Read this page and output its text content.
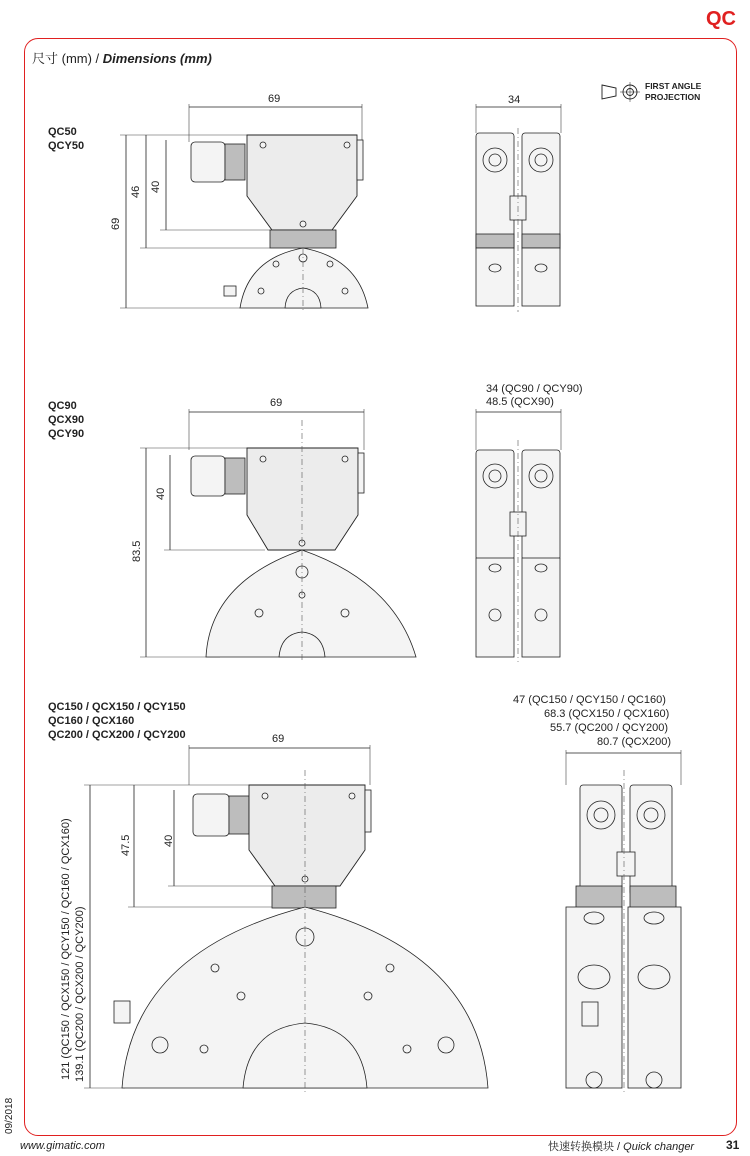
QC
尺寸 (mm) / Dimensions (mm)
FIRST ANGLE
PROJECTION
QC50
QCY50
69	34
46 40
69
QC90
QCX90
QCY90
69
34 (QC90 / QCY90)
48.5 (QCX90)
40
83.5
QC150 / QCX150 / QCY150
QC160 / QCX160
QC200 / QCX200 / QCY200	69
47 (QC150 / QCY150 / QC160)
68.3 (QCX150 / QCX160)
55.7 (QC200 / QCY200)
80.7 (QCX200)
40
47.5
121 (QC150 / QCX150 / QCY150 / QC160 / QCX160) 139.1 (QC200 / QCX200 / QCY200)
09/2018
www.gimatic.com	快速转换模块 / Quick changer	31
